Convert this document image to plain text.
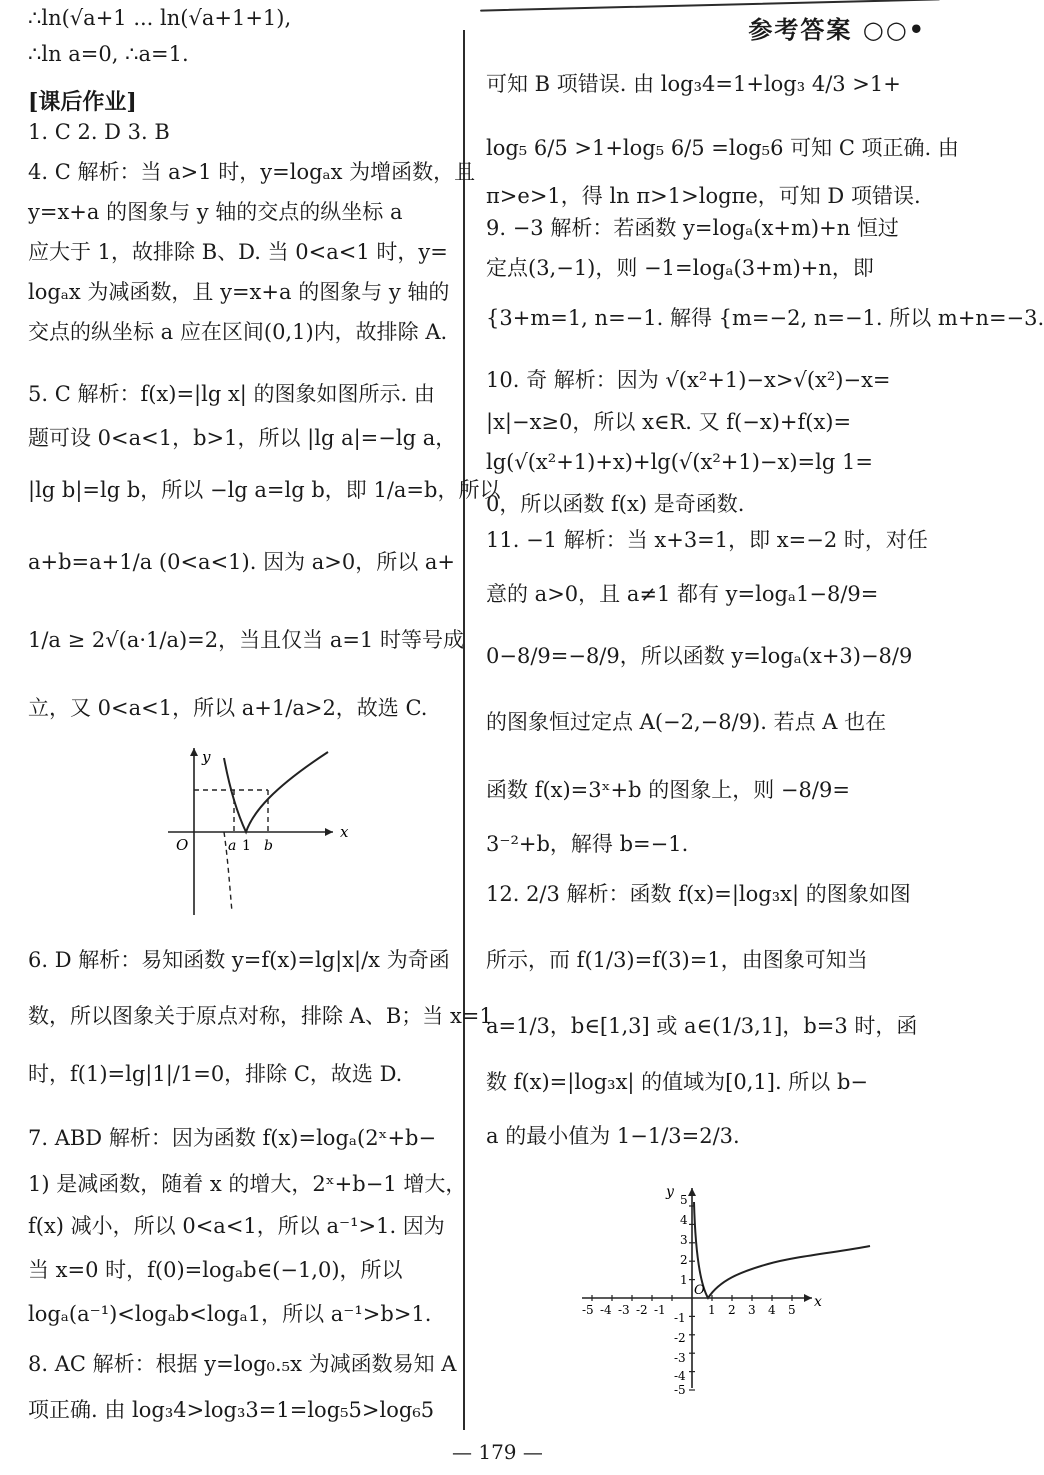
参考答案 ○○•
∴ln(√a+1 ... ln(√a+1+1),
∴ln a=0, ∴a=1.
[课后作业]
1. C 2. D 3. B
4. C 解析：当 a>1 时，y=logₐx 为增函数，且
y=x+a 的图象与 y 轴的交点的纵坐标 a
应大于 1，故排除 B、D. 当 0<a<1 时，y=
logₐx 为减函数，且 y=x+a 的图象与 y 轴的
交点的纵坐标 a 应在区间(0,1)内，故排除 A.
5. C 解析：f(x)=|lg x| 的图象如图所示. 由
题可设 0<a<1，b>1，所以 |lg a|=−lg a，
|lg b|=lg b，所以 −lg a=lg b，即 1/a=b，所以
a+b=a+1/a (0<a<1). 因为 a>0，所以 a+
1/a ≥ 2√(a·1/a)=2，当且仅当 a=1 时等号成
立，又 0<a<1，所以 a+1/a>2，故选 C.
y
x
O	a 1 b
6. D 解析：易知函数 y=f(x)=lg|x|/x 为奇函
数，所以图象关于原点对称，排除 A、B；当 x=1
时，f(1)=lg|1|/1=0，排除 C，故选 D.
7. ABD 解析：因为函数 f(x)=logₐ(2ˣ+b−
1) 是减函数，随着 x 的增大，2ˣ+b−1 增大，
f(x) 减小，所以 0<a<1，所以 a⁻¹>1. 因为
当 x=0 时，f(0)=logₐb∈(−1,0)，所以
logₐ(a⁻¹)<logₐb<logₐ1，所以 a⁻¹>b>1.
8. AC 解析：根据 y=log₀.₅x 为减函数易知 A
项正确. 由 log₃4>log₃3=1=log₅5>log₆5
可知 B 项错误. 由 log₃4=1+log₃ 4/3 >1+
log₅ 6/5 >1+log₅ 6/5 =log₅6 可知 C 项正确. 由
π>e>1，得 ln π>1>logπe，可知 D 项错误.
9. −3 解析：若函数 y=logₐ(x+m)+n 恒过
定点(3,−1)，则 −1=logₐ(3+m)+n，即
{3+m=1, n=−1. 解得 {m=−2, n=−1. 所以 m+n=−3.
10. 奇 解析：因为 √(x²+1)−x>√(x²)−x=
|x|−x≥0，所以 x∈R. 又 f(−x)+f(x)=
lg(√(x²+1)+x)+lg(√(x²+1)−x)=lg 1=
0，所以函数 f(x) 是奇函数.
11. −1 解析：当 x+3=1，即 x=−2 时，对任
意的 a>0，且 a≠1 都有 y=logₐ1−8/9=
0−8/9=−8/9，所以函数 y=logₐ(x+3)−8/9
的图象恒过定点 A(−2,−8/9). 若点 A 也在
函数 f(x)=3ˣ+b 的图象上，则 −8/9=
3⁻²+b，解得 b=−1.
12. 2/3 解析：函数 f(x)=|log₃x| 的图象如图
所示，而 f(1/3)=f(3)=1，由图象可知当
a=1/3，b∈[1,3] 或 a∈(1/3,1]，b=3 时，函
数 f(x)=|log₃x| 的值域为[0,1]. 所以 b−
a 的最小值为 1−1/3=2/3.
y
x
O
-5 -4 -3 -2 -1	1 2 3 4 5
5
4
3
2
1
-1
-2
-3
-4
-5
— 179 —
